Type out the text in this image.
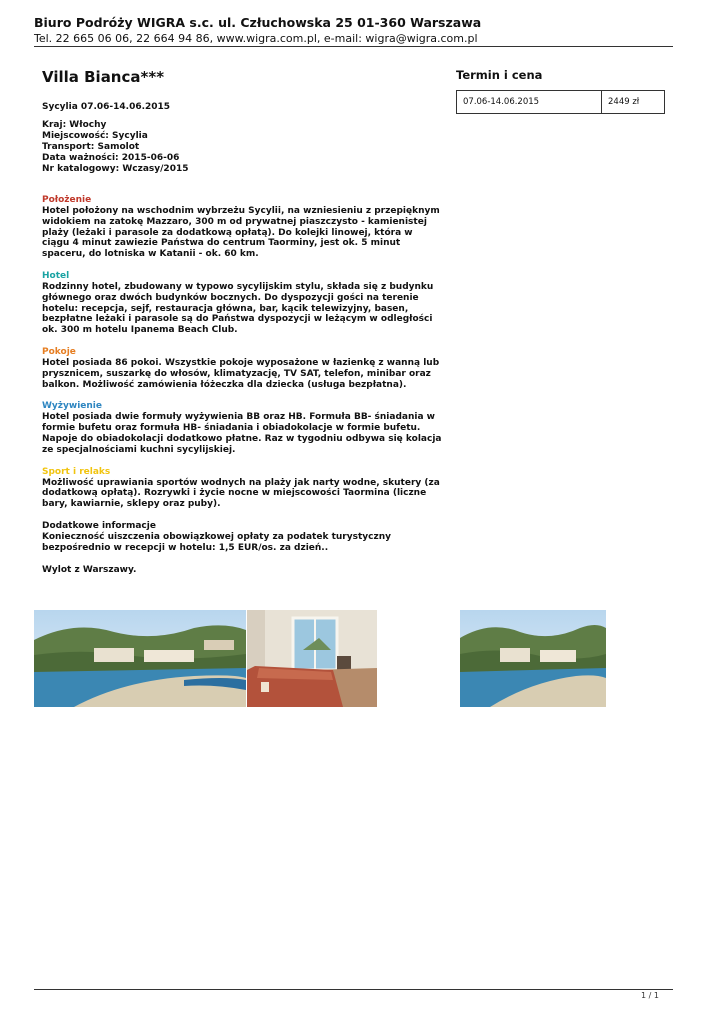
Biuro Podróży WIGRA s.c. ul. Człuchowska 25 01-360 Warszawa
Tel. 22 665 06 06, 22 664 94 86, www.wigra.com.pl, e-mail: wigra@wigra.com.pl
Villa Bianca***
Sycylia 07.06-14.06.2015
Kraj: Włochy
Miejscowość: Sycylia
Transport: Samolot
Data ważności: 2015-06-06
Nr katalogowy: Wczasy/2015
Położenie
Hotel położony na wschodnim wybrzeżu Sycylii, na wzniesieniu z przepięknym widokiem na zatokę Mazzaro, 300 m od prywatnej piaszczysto - kamienistej plaży (leżaki i parasole za dodatkową opłatą). Do kolejki linowej, która w ciągu 4 minut zawiezie Państwa do centrum Taorminy, jest ok. 5 minut spaceru, do lotniska w Katanii - ok. 60 km.
Hotel
Rodzinny hotel, zbudowany w typowo sycylijskim stylu, składa się z budynku głównego oraz dwóch budynków bocznych. Do dyspozycji gości na terenie hotelu: recepcja, sejf, restauracja główna, bar, kącik telewizyjny, basen, bezpłatne leżaki i parasole są do Państwa dyspozycji w leżącym w odległości ok. 300 m hotelu Ipanema Beach Club.
Pokoje
Hotel posiada 86 pokoi. Wszystkie pokoje wyposażone w łazienkę z wanną lub prysznicem, suszarkę do włosów, klimatyzację, TV SAT, telefon, minibar oraz balkon. Możliwość zamówienia łóżeczka dla dziecka (usługa bezpłatna).
Wyżywienie
Hotel posiada dwie formuły wyżywienia BB oraz HB. Formuła BB- śniadania w formie bufetu oraz formuła HB- śniadania i obiadokolacje w formie bufetu. Napoje do obiadokolacji dodatkowo płatne. Raz w tygodniu odbywa się kolacja ze specjalnościami kuchni sycylijskiej.
Sport i relaks
Możliwość uprawiania sportów wodnych na plaży jak narty wodne, skutery (za dodatkową opłatą). Rozrywki i życie nocne w miejscowości Taormina (liczne bary, kawiarnie, sklepy oraz puby).
Dodatkowe informacje
Konieczność uiszczenia obowiązkowej opłaty za podatek turystyczny bezpośrednio w recepcji w hotelu: 1,5 EUR/os. za dzień..
Wylot z Warszawy.
Termin i cena
07.06-14.06.2015	2449 zł
1 / 1
